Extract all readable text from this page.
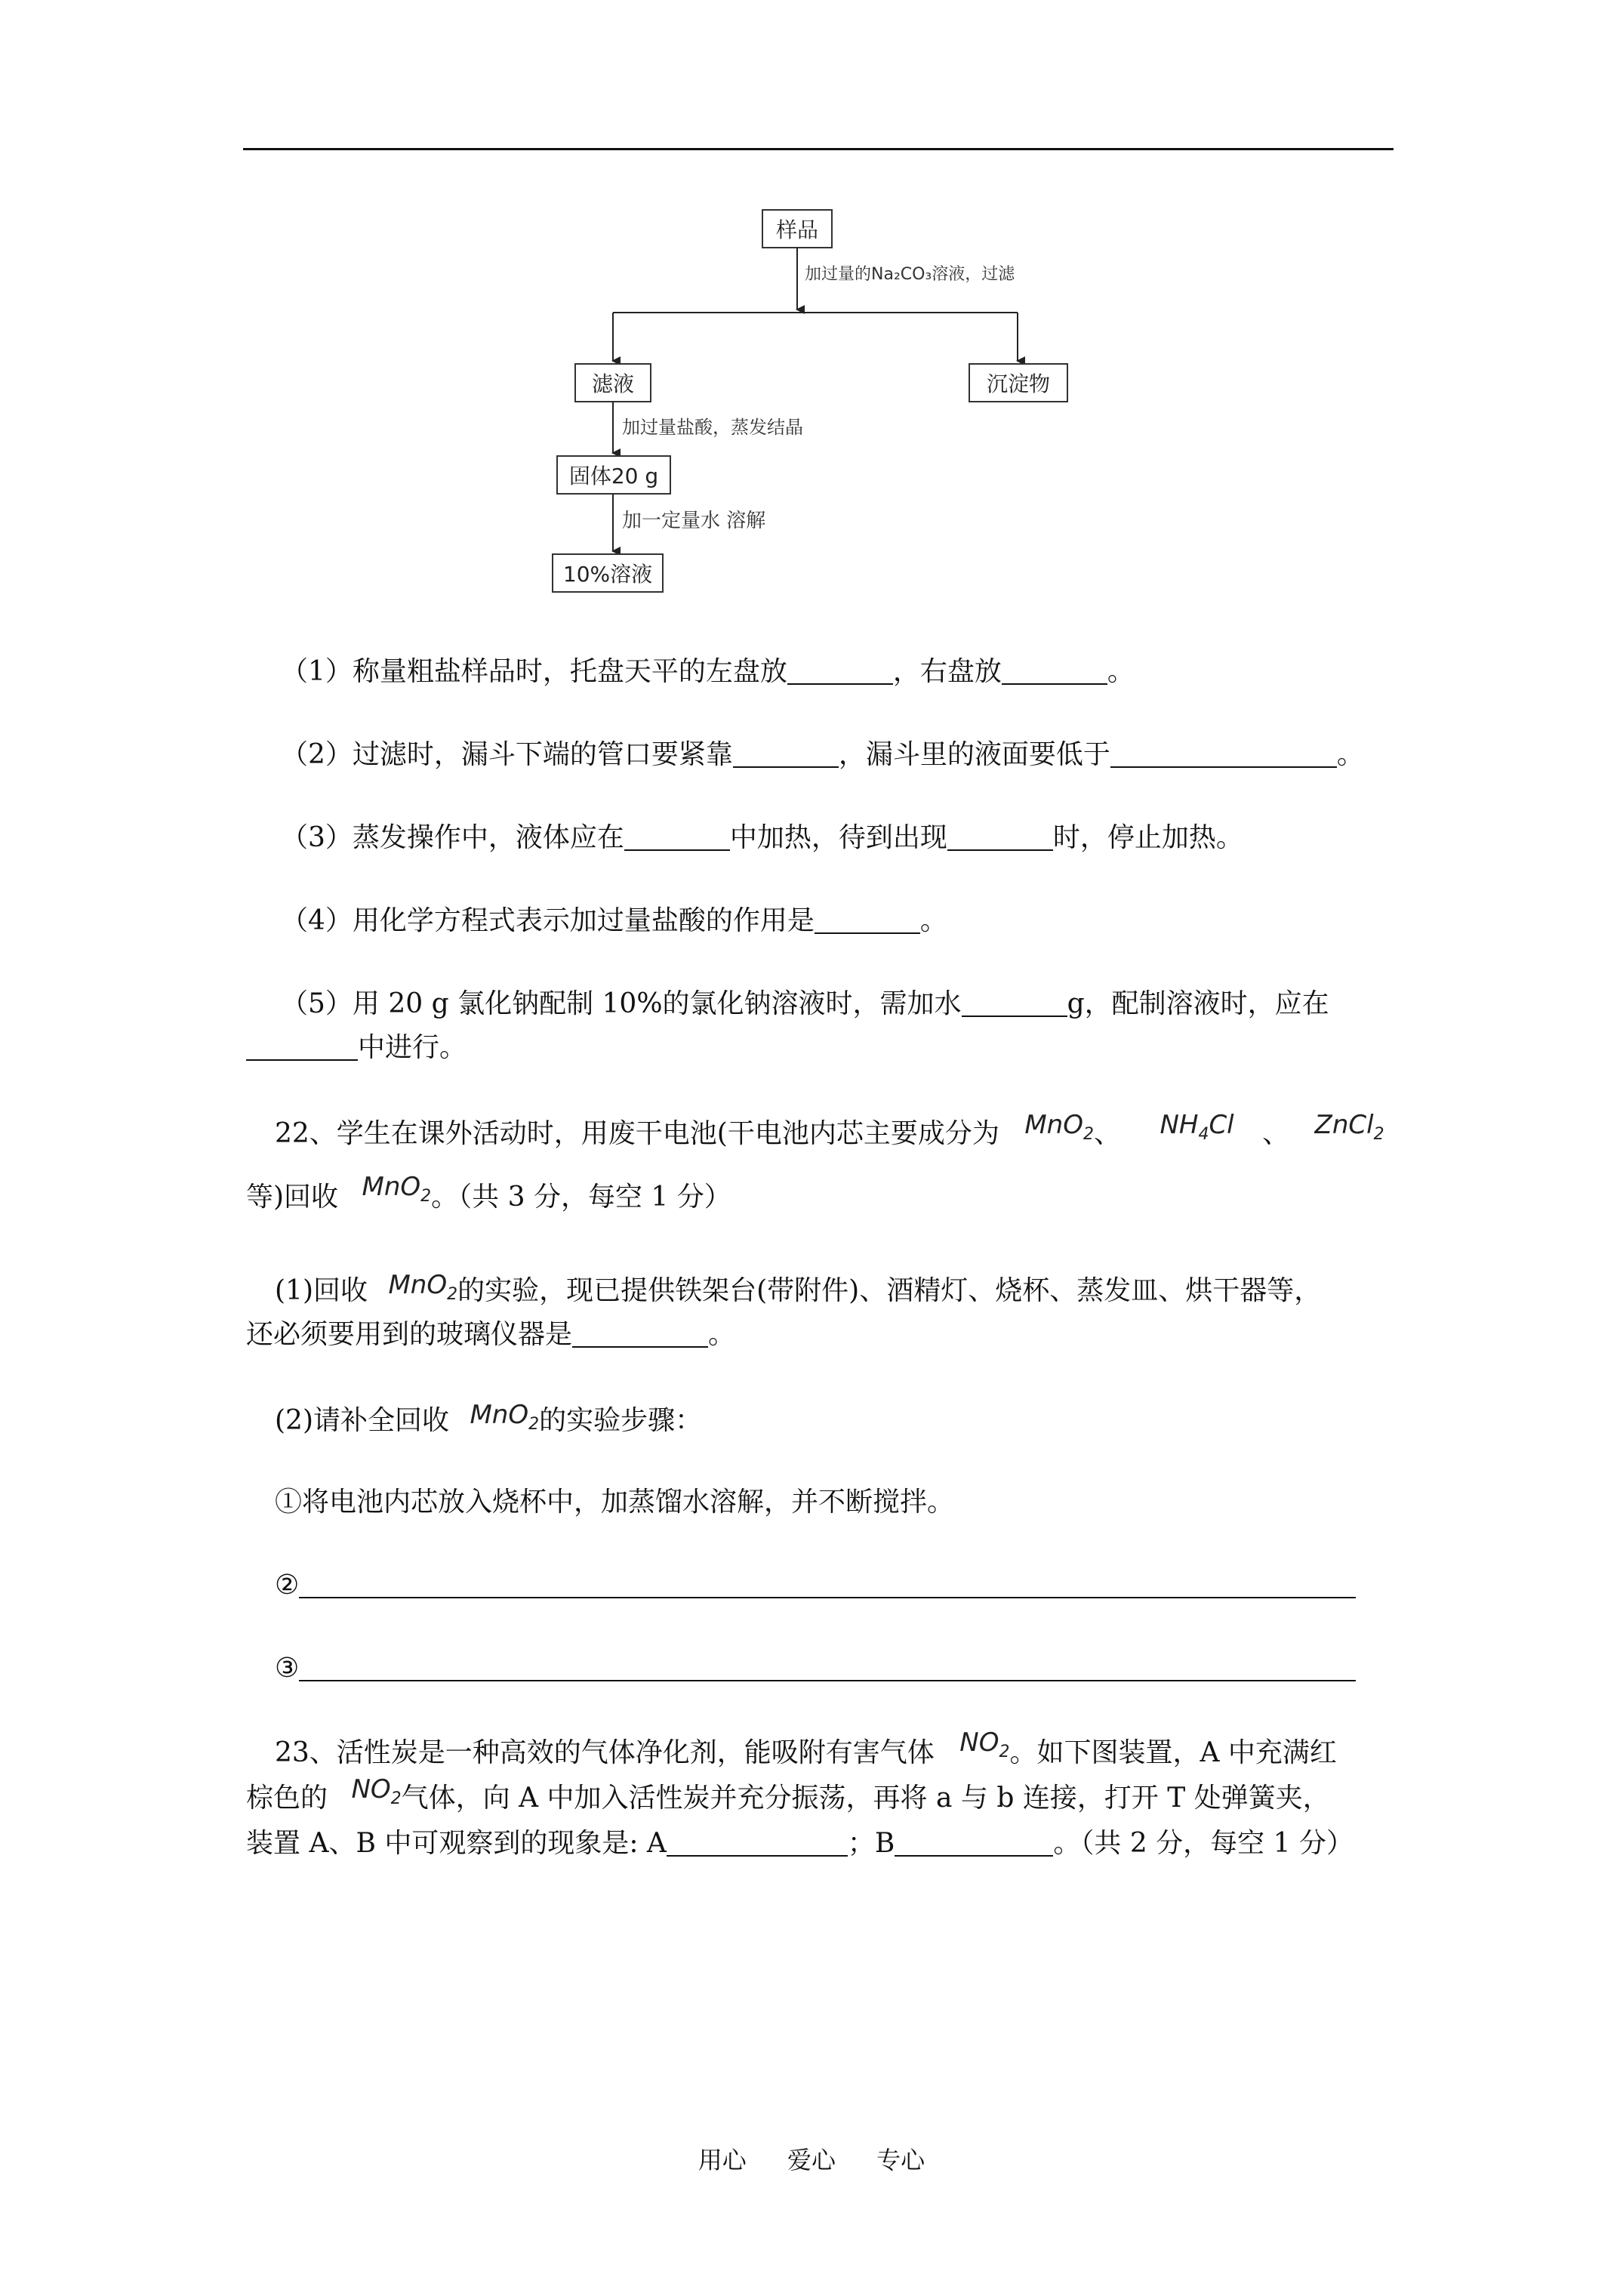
样品
加过量的Na₂CO₃溶液，过滤
滤液	沉淀物
加过量盐酸，蒸发结晶
固体20 g
加一定量水 溶解
10%溶液
（1）称量粗盐样品时，托盘天平的左盘放	，右盘放	。
（2）过滤时，漏斗下端的管口要紧靠	，漏斗里的液面要低于	。
（3）蒸发操作中，液体应在	中加热，待到出现	时，停止加热。
（4）用化学方程式表示加过量盐酸的作用是	。
（5）用 20 g 氯化钠配制 10%的氯化钠溶液时，需加水	g，配制溶液时，应在
中进行。
22、学生在课外活动时，用废干电池(干电池内芯主要成分为 MnO$_2$、 $NH_4Cl$ 、 ZnCl$_2$
等)回收 MnO$_2$。（共 3 分，每空 1 分）
(1)回收 MnO$_2$的实验，现已提供铁架台(带附件)、酒精灯、烧杯、蒸发皿、烘干器等，
还必须要用到的玻璃仪器是	。
(2)请补全回收 MnO$_2$的实验步骤：
①将电池内芯放入烧杯中，加蒸馏水溶解，并不断搅拌。
②
③
23、活性炭是一种高效的气体净化剂，能吸附有害气体 $NO_2$。如下图装置，A 中充满红
棕色的 $NO_2$气体，向 A 中加入活性炭并充分振荡，再将 a 与 b 连接，打开 T 处弹簧夹，
装置 A、B 中可观察到的现象是: A	；B	。（共 2 分，每空 1 分）
用心 爱心 专心
